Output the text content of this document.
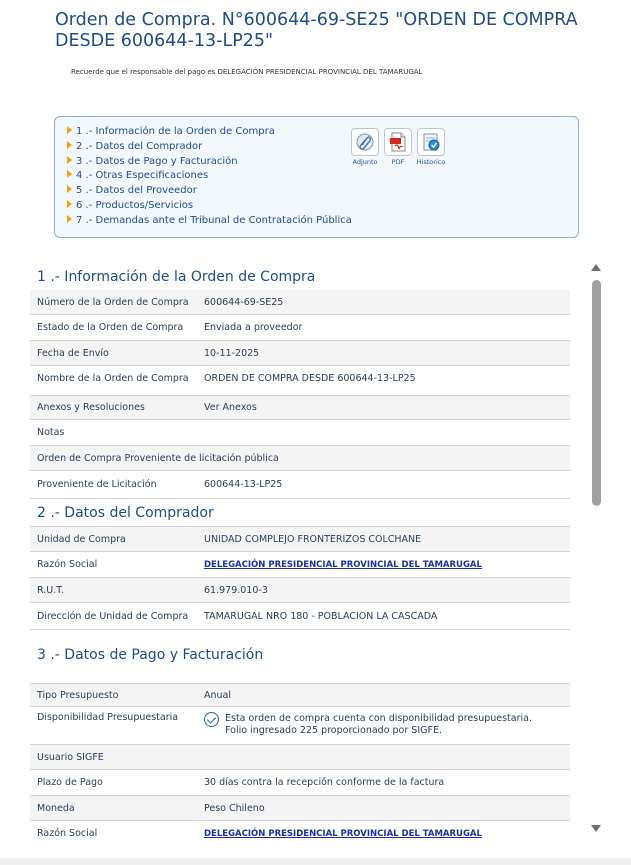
Orden de Compra. N°600644-69-SE25 "ORDEN DE COMPRA DESDE 600644-13-LP25"
Recuerde que el responsable del pago es DELEGACIÓN PRESIDENCIAL PROVINCIAL DEL TAMARUGAL
1 .- Información de la Orden de Compra
2 .- Datos del Comprador
3 .- Datos de Pago y Facturación
4 .- Otras Especificaciones
5 .- Datos del Proveedor
6 .- Productos/Servicios
7 .- Demandas ante el Tribunal de Contratación Pública
Adjunto	PDF	Historico
1 .- Información de la Orden de Compra
Número de la Orden de Compra	600644-69-SE25
Estado de la Orden de Compra	Enviada a proveedor
Fecha de Envío	10-11-2025
Nombre de la Orden de Compra	ORDEN DE COMPRA DESDE 600644-13-LP25
Anexos y Resoluciones	Ver Anexos
Notas
Orden de Compra Proveniente de licitación pública
Proveniente de Licitación	600644-13-LP25
2 .- Datos del Comprador
Unidad de Compra	UNIDAD COMPLEJO FRONTERIZOS COLCHANE
Razón Social	DELEGACIÓN PRESIDENCIAL PROVINCIAL DEL TAMARUGAL
R.U.T.	61.979.010-3
Dirección de Unidad de Compra	TAMARUGAL NRO 180 - POBLACION LA CASCADA
3 .- Datos de Pago y Facturación
Tipo Presupuesto	Anual
Disponibilidad Presupuestaria	Esta orden de compra cuenta con disponibilidad presupuestaria.
Folio ingresado 225 proporcionado por SIGFE.
Usuario SIGFE
Plazo de Pago	30 días contra la recepción conforme de la factura
Moneda	Peso Chileno
Razón Social	DELEGACIÓN PRESIDENCIAL PROVINCIAL DEL TAMARUGAL
